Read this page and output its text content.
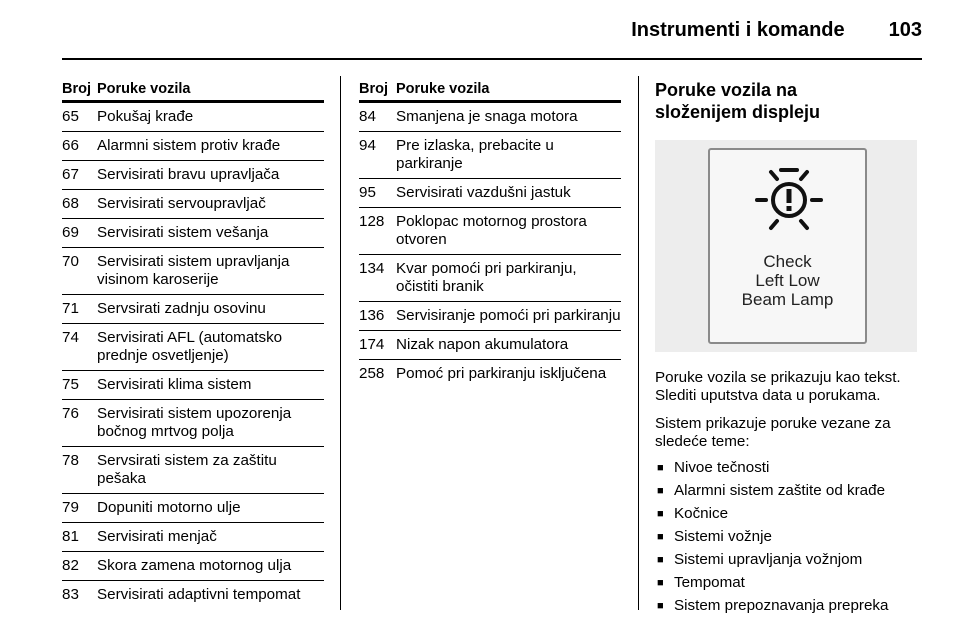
Instrumenti i komande 103
Broj Poruke vozila
65	Pokušaj krađe
66	Alarmni sistem protiv krađe
67	Servisirati bravu upravljača
68	Servisirati servoupravljač
69	Servisirati sistem vešanja
70	Servisirati sistem upravljanja visinom karoserije
71	Servsirati zadnju osovinu
74	Servisirati AFL (automatsko prednje osvetljenje)
75	Servisirati klima sistem
76	Servisirati sistem upozorenja bočnog mrtvog polja
78	Servsirati sistem za zaštitu pešaka
79	Dopuniti motorno ulje
81	Servisirati menjač
82	Skora zamena motornog ulja
83	Servisirati adaptivni tempomat
Broj Poruke vozila
84	Smanjena je snaga motora
94	Pre izlaska, prebacite u parkiranje
95	Servisirati vazdušni jastuk
128 Poklopac motornog prostora otvoren
134 Kvar pomoći pri parkiranju, očistiti branik
136 Servisiranje pomoći pri parkiranju
174 Nizak napon akumulatora
258 Pomoć pri parkiranju isključena
Poruke vozila na
složenijem displeju
Check
Left Low
Beam Lamp
Poruke vozila se prikazuju kao tekst. Slediti uputstva data u porukama.
Sistem prikazuje poruke vezane za sledeće teme:
■ Nivoe tečnosti
■ Alarmni sistem zaštite od krađe
■ Kočnice
■ Sistemi vožnje
■ Sistemi upravljanja vožnjom
■ Tempomat
■ Sistem prepoznavanja prepreka
